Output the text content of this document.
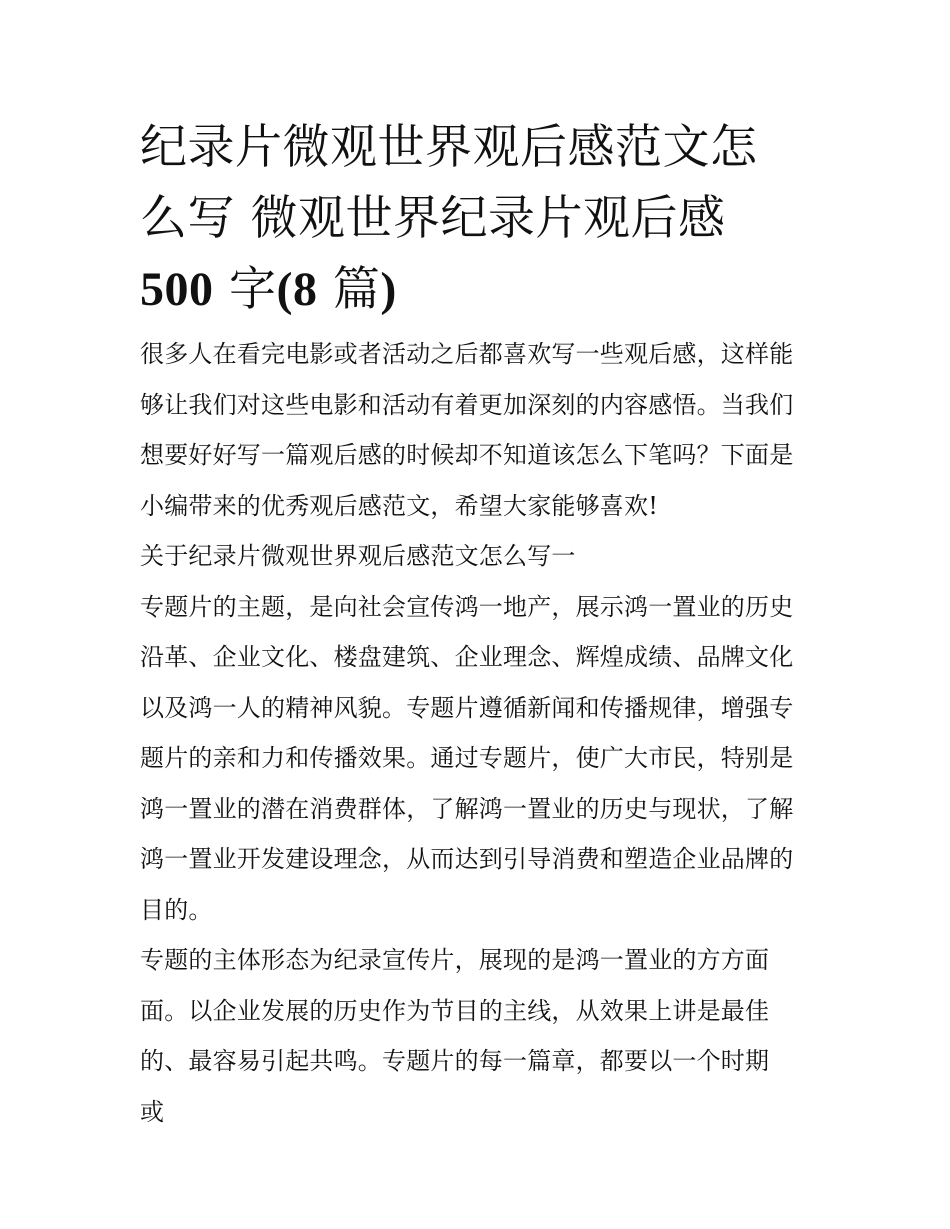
纪录片微观世界观后感范文怎
么写 微观世界纪录片观后感
500 字(8 篇)

很多人在看完电影或者活动之后都喜欢写一些观后感，这样能够让我们对这些电影和活动有着更加深刻的内容感悟。当我们想要好好写一篇观后感的时候却不知道该怎么下笔吗？下面是小编带来的优秀观后感范文，希望大家能够喜欢!

关于纪录片微观世界观后感范文怎么写一

专题片的主题，是向社会宣传鸿一地产，展示鸿一置业的历史沿革、企业文化、楼盘建筑、企业理念、辉煌成绩、品牌文化以及鸿一人的精神风貌。专题片遵循新闻和传播规律，增强专题片的亲和力和传播效果。通过专题片，使广大市民，特别是鸿一置业的潜在消费群体，了解鸿一置业的历史与现状，了解鸿一置业开发建设理念，从而达到引导消费和塑造企业品牌的目的。

专题的主体形态为纪录宣传片，展现的是鸿一置业的方方面面。以企业发展的历史作为节目的主线，从效果上讲是最佳的、最容易引起共鸣。专题片的每一篇章，都要以一个时期或
